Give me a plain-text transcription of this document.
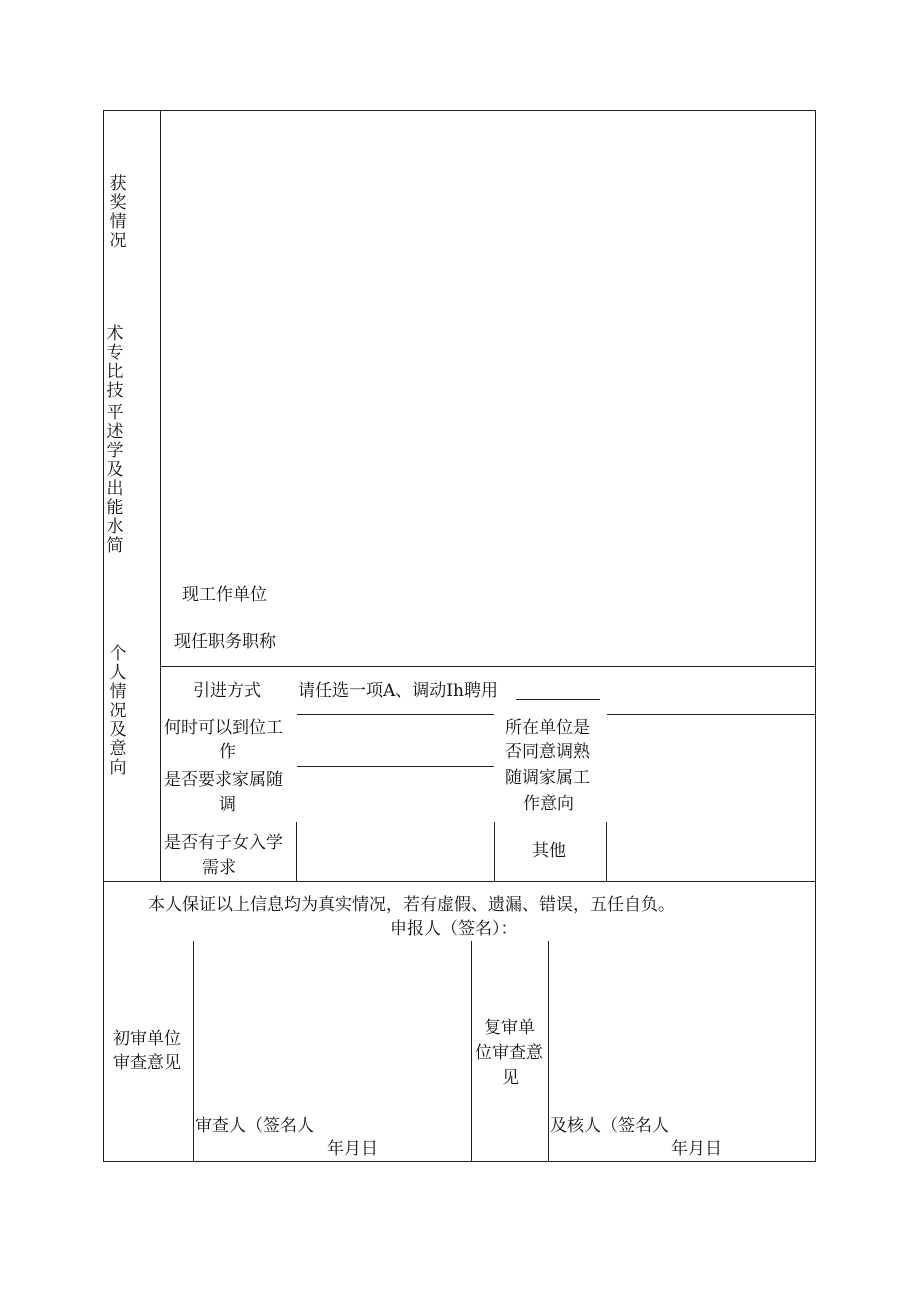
获奖情况
术专比技
平述学及出
能水简
个人情况及意向
现工作单位
现任职务职称
引进方式 请任选一项A、调动Ih聘用
何时可以到位工
作
是否要求家属随
调
所在单位是
否同意调熟
随调家属工
作意向
是否有子女入学
需求
其他
本人保证以上信息均为真实情况，若有虚假、遗漏、错误，五任自负。
申报人（签名）：
初审单位
审查意见
审查人（签名人
年月日
复审单
位审查意
见
及核人（签名人
年月日
